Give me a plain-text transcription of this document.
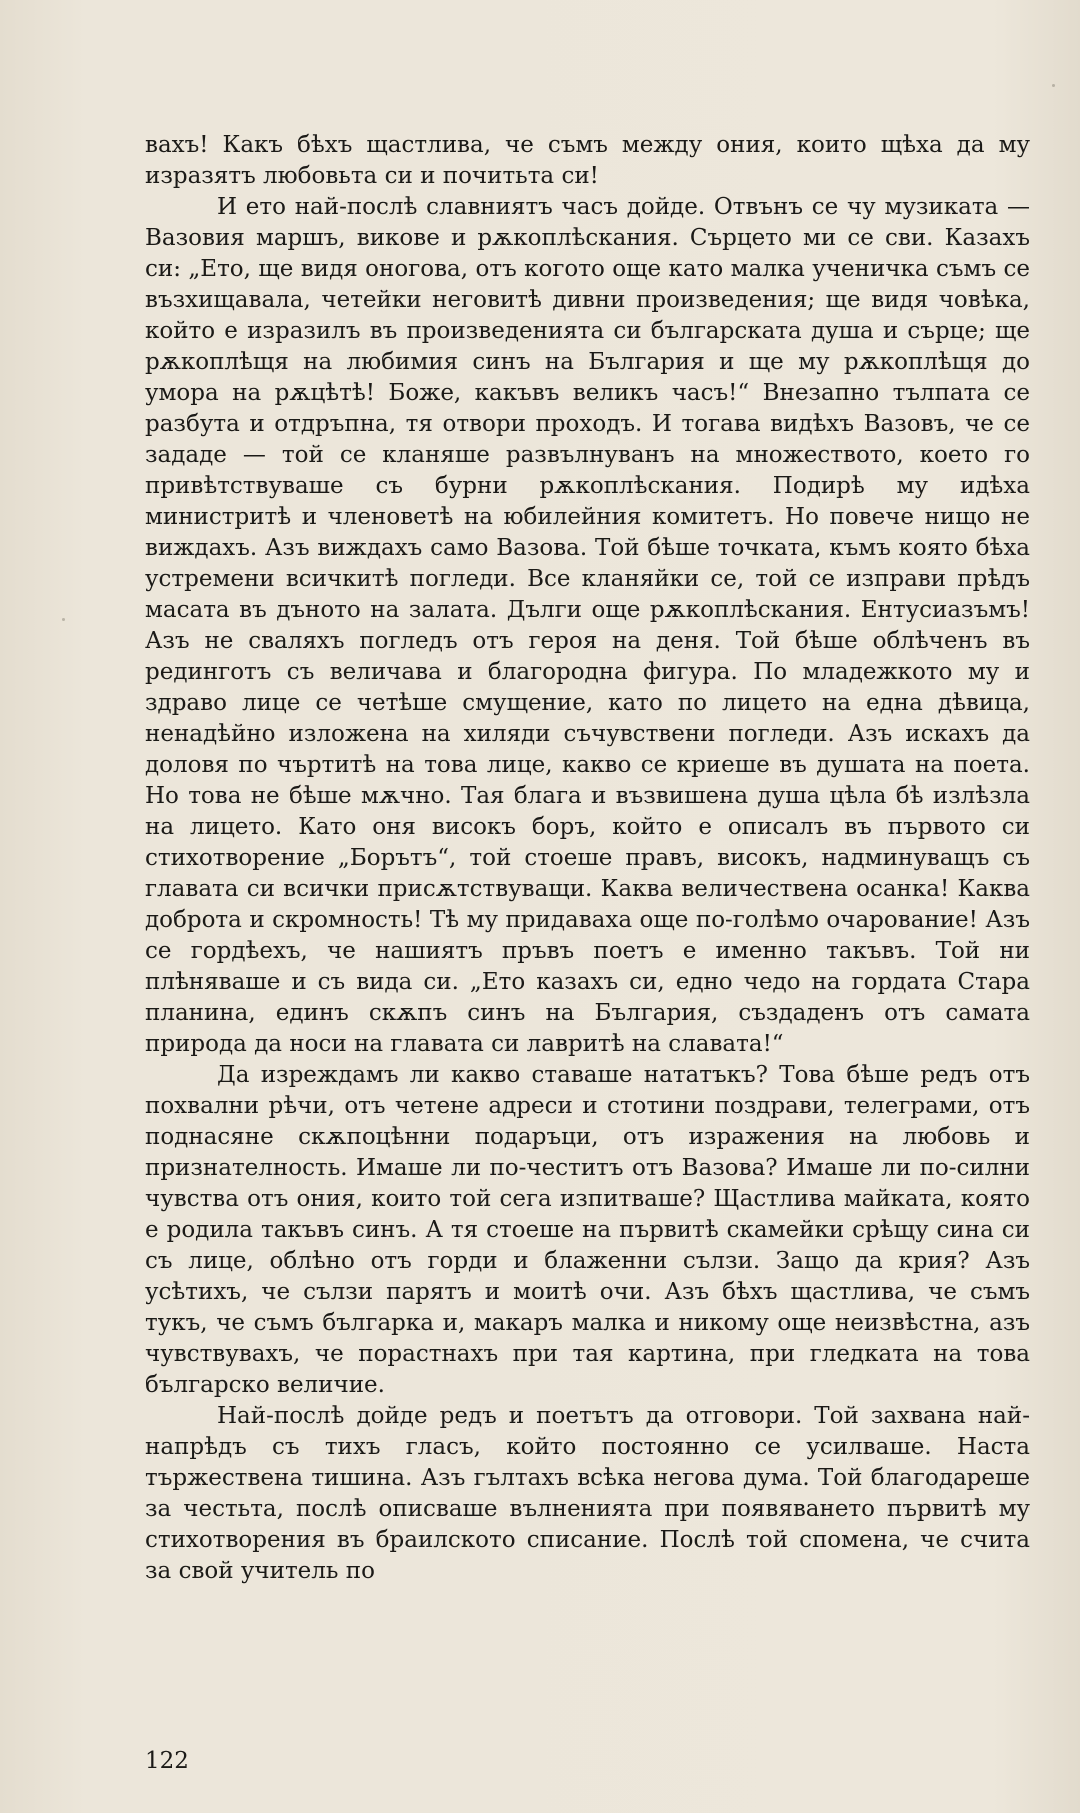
вахъ! Какъ бѣхъ щастлива, че съмъ между ония, които щѣха да му изразятъ любовьта си и почитьта си!

И ето най-послѣ славниятъ часъ дойде. Отвънъ се чу музиката — Вазовия маршъ, викове и рѫкоплѣскания. Сърцето ми се сви. Казахъ си: „Ето, ще видя оногова, отъ когото още като малка ученичка съмъ се възхищавала, четейки неговитѣ дивни произведения; ще видя човѣка, който е изразилъ въ произведенията си българската душа и сърце; ще рѫкоплѣщя на любимия синъ на България и ще му рѫкоплѣщя до умора на рѫцѣтѣ! Боже, какъвъ великъ часъ!“ Внезапно тълпата се разбута и отдръпна, тя отвори проходъ. И тогава видѣхъ Вазовъ, че се зададе — той се кланяше развълнуванъ на множеството, което го привѣтствуваше съ бурни рѫкоплѣскания. Подирѣ му идѣха министритѣ и членоветѣ на юбилейния комитетъ. Но повече нищо не виждахъ. Азъ виждахъ само Вазова. Той бѣше точката, къмъ която бѣха устремени всичкитѣ погледи. Все кланяйки се, той се изправи прѣдъ масата въ дъното на залата. Дълги още рѫкоплѣскания. Ентусиазъмъ! Азъ не сваляхъ погледъ отъ героя на деня. Той бѣше облѣченъ въ рединготъ съ величава и благородна фигура. По младежкото му и здраво лице се четѣше смущение, като по лицето на една дѣвица, ненадѣйно изложена на хиляди съчувствени погледи. Азъ искахъ да доловя по чъртитѣ на това лице, какво се криеше въ душата на поета. Но това не бѣше мѫчно. Тая блага и възвишена душа цѣла бѣ излѣзла на лицето. Като оня високъ боръ, който е описалъ въ първото си стихотворение „Борътъ“, той стоеше правъ, високъ, надминуващъ съ главата си всички присѫтствуващи. Каква величествена осанка! Каква доброта и скромность! Тѣ му придаваха още по-голѣмо очарование! Азъ се гордѣехъ, че нашиятъ пръвъ поетъ е именно такъвъ. Той ни плѣняваше и съ вида си. „Ето казахъ си, едно чедо на гордата Стара планина, единъ скѫпъ синъ на България, създаденъ отъ самата природа да носи на главата си лавритѣ на славата!“

Да изреждамъ ли какво ставаше нататъкъ? Това бѣше редъ отъ похвални рѣчи, отъ четене адреси и стотини поздрави, телеграми, отъ поднасяне скѫпоцѣнни подаръци, отъ изражения на любовь и признателность. Имаше ли по-честитъ отъ Вазова? Имаше ли по-силни чувства отъ ония, които той сега изпитваше? Щастлива майката, която е родила такъвъ синъ. А тя стоеше на първитѣ скамейки срѣщу сина си съ лице, облѣно отъ горди и блаженни сълзи. Защо да крия? Азъ усѣтихъ, че сълзи парятъ и моитѣ очи. Азъ бѣхъ щастлива, че съмъ тукъ, че съмъ българка и, макаръ малка и никому още неизвѣстна, азъ чувствувахъ, че порастнахъ при тая картина, при гледката на това българско величие.

Най-послѣ дойде редъ и поетътъ да отговори. Той захвана най-напрѣдъ съ тихъ гласъ, който постоянно се усилваше. Наста тържествена тишина. Азъ гълтахъ всѣка негова дума. Той благодареше за честьта, послѣ описваше вълненията при появяването първитѣ му стихотворения въ браилското списание. Послѣ той спомена, че счита за свой учитель по

122
